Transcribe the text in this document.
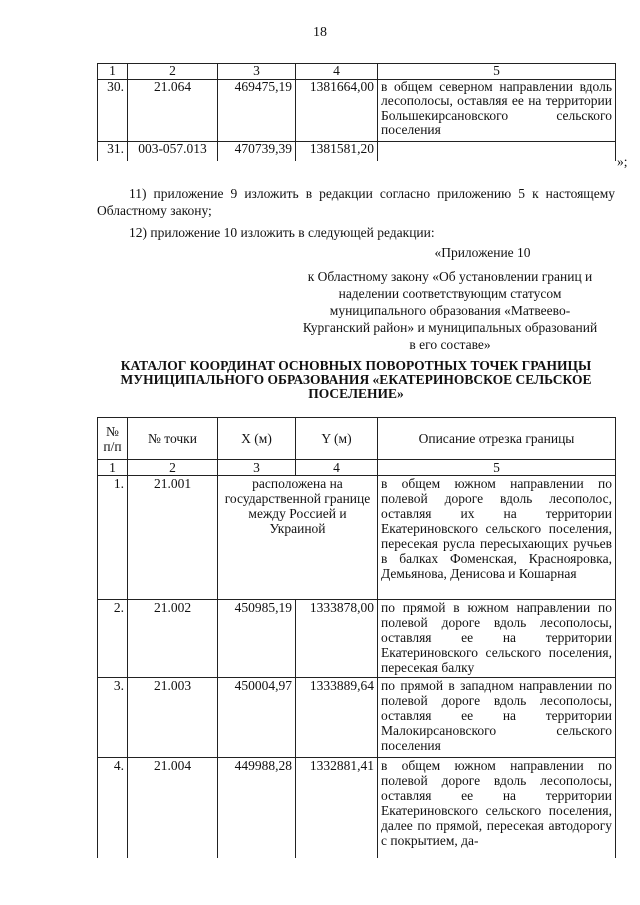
18
1	2	3	4	5
30.	21.064	469475,19	1381664,00	в общем северном направлении вдоль лесополосы, оставляя ее на территории Большекирсановского сельского поселения
31.	003-057.013	470739,39	1381581,20	
»;
11) приложение 9 изложить в редакции согласно приложению 5 к настоящему Областному закону;
12) приложение 10 изложить в следующей редакции:
«Приложение 10
к Областному закону «Об установлении границ и наделении соответствующим статусом муниципального образования «Матвеево-Курганский район» и муниципальных образований в его составе»
КАТАЛОГ КООРДИНАТ ОСНОВНЫХ ПОВОРОТНЫХ ТОЧЕК ГРАНИЦЫ МУНИЦИПАЛЬНОГО ОБРАЗОВАНИЯ «ЕКАТЕРИНОВСКОЕ СЕЛЬСКОЕ ПОСЕЛЕНИЕ»
№ п/п	№ точки	X (м)	Y (м)	Описание отрезка границы
1	2	3	4	5
1.	21.001	расположена на государственной границе между Россией и Украиной		в общем южном направлении по полевой дороге вдоль лесополос, оставляя их на территории Екатериновского сельского поселения, пересекая русла пересыхающих ручьев в балках Фоменская, Краснояровка, Демьянова, Денисова и Кошарная
2.	21.002	450985,19	1333878,00	по прямой в южном направлении по полевой дороге вдоль лесополосы, оставляя ее на территории Екатериновского сельского поселения, пересекая балку
3.	21.003	450004,97	1333889,64	по прямой в западном направлении по полевой дороге вдоль лесополосы, оставляя ее на территории Малокирсановского сельского поселения
4.	21.004	449988,28	1332881,41	в общем южном направлении по полевой дороге вдоль лесополосы, оставляя ее на территории Екатериновского сельского поселения, далее по прямой, пересекая автодорогу с покрытием, да-
